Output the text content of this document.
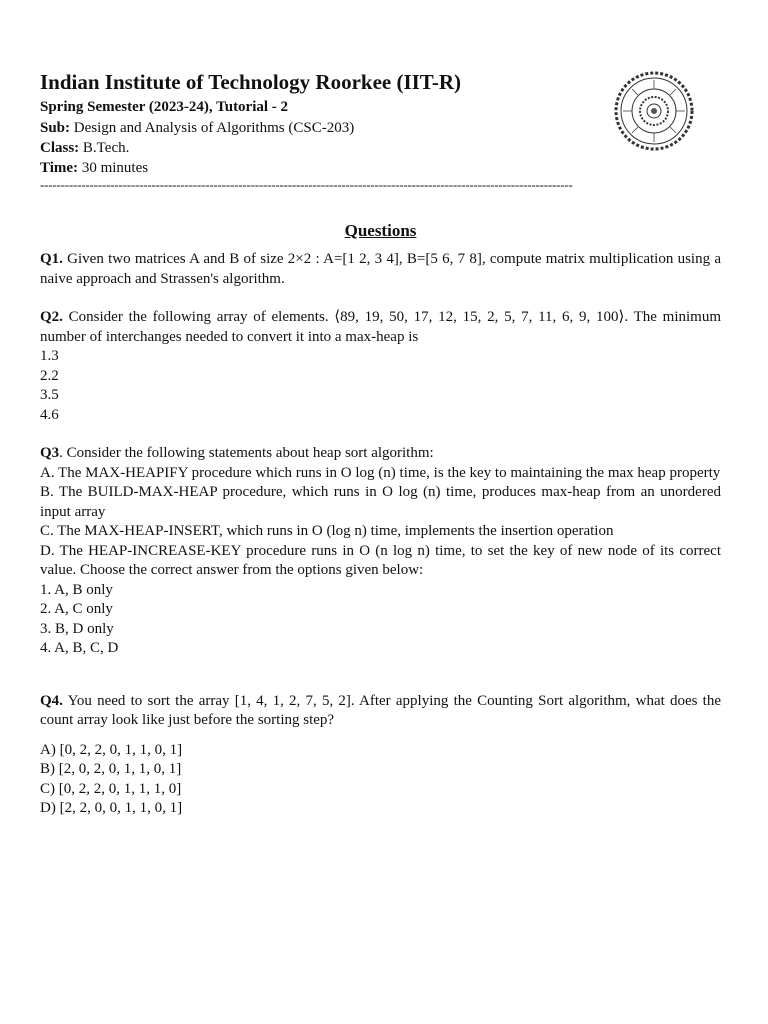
Indian Institute of Technology Roorkee (IIT-R)
Spring Semester (2023-24), Tutorial - 2
Sub: Design and Analysis of Algorithms (CSC-203)
Class: B.Tech.
Time: 30 minutes
---------------------------------------------------------------------------------------------------------------------------------
Questions
Q1. Given two matrices A and B of size 2×2 : A=[1 2, 3 4], B=[5 6, 7 8], compute matrix multiplication using a naive approach and Strassen's algorithm.
Q2. Consider the following array of elements. ⟨89, 19, 50, 17, 12, 15, 2, 5, 7, 11, 6, 9, 100⟩. The minimum number of interchanges needed to convert it into a max-heap is
1.3
2.2
3.5
4.6
Q3. Consider the following statements about heap sort algorithm:
A. The MAX-HEAPIFY procedure which runs in O log (n) time, is the key to maintaining the max heap property
B. The BUILD-MAX-HEAP procedure, which runs in O log (n) time, produces max-heap from an unordered input array
C. The MAX-HEAP-INSERT, which runs in O (log n) time, implements the insertion operation
D. The HEAP-INCREASE-KEY procedure runs in O (n log n) time, to set the key of new node of its correct value. Choose the correct answer from the options given below:
1. A, B only
2. A, C only
3. B, D only
4. A, B, C, D
Q4. You need to sort the array [1, 4, 1, 2, 7, 5, 2]. After applying the Counting Sort algorithm, what does the count array look like just before the sorting step?
A) [0, 2, 2, 0, 1, 1, 0, 1]
B) [2, 0, 2, 0, 1, 1, 0, 1]
C) [0, 2, 2, 0, 1, 1, 1, 0]
D) [2, 2, 0, 0, 1, 1, 0, 1]
